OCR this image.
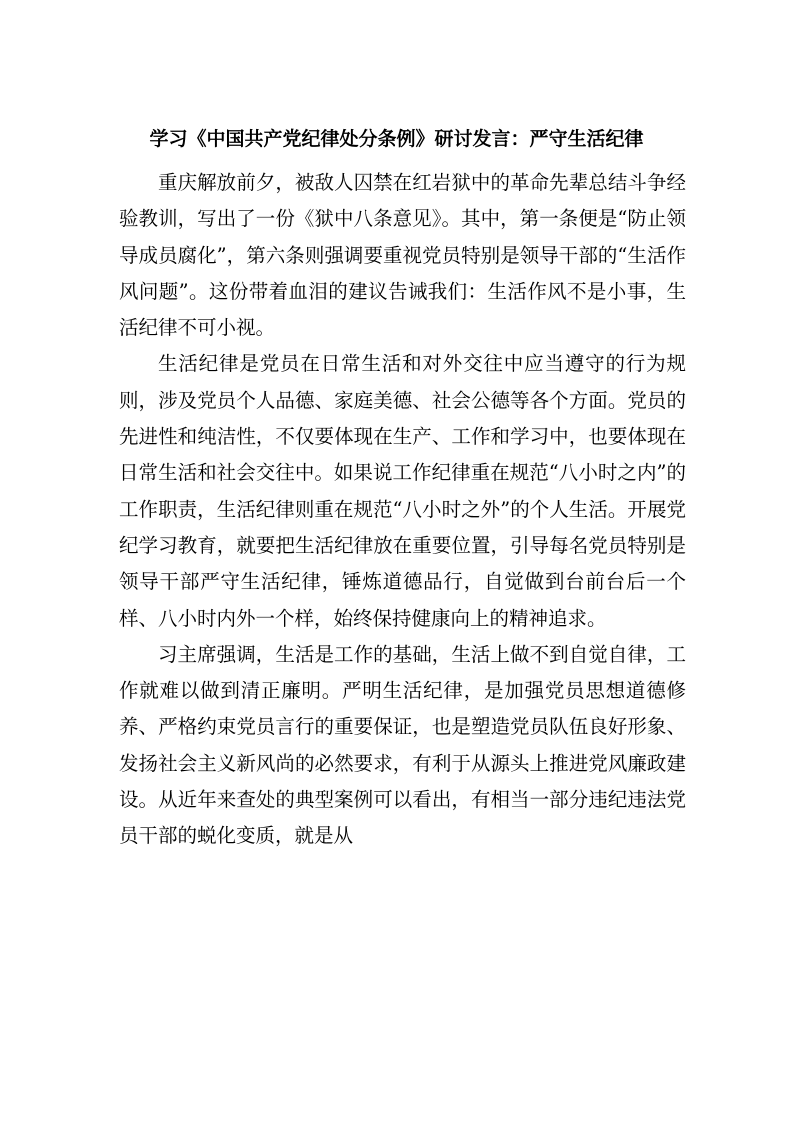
学习《中国共产党纪律处分条例》研讨发言：严守生活纪律

重庆解放前夕，被敌人囚禁在红岩狱中的革命先辈总结斗争经验教训，写出了一份《狱中八条意见》。其中，第一条便是“防止领导成员腐化”，第六条则强调要重视党员特别是领导干部的“生活作风问题”。这份带着血泪的建议告诫我们：生活作风不是小事，生活纪律不可小视。

生活纪律是党员在日常生活和对外交往中应当遵守的行为规则，涉及党员个人品德、家庭美德、社会公德等各个方面。党员的先进性和纯洁性，不仅要体现在生产、工作和学习中，也要体现在日常生活和社会交往中。如果说工作纪律重在规范“八小时之内”的工作职责，生活纪律则重在规范“八小时之外”的个人生活。开展党纪学习教育，就要把生活纪律放在重要位置，引导每名党员特别是领导干部严守生活纪律，锤炼道德品行，自觉做到台前台后一个样、八小时内外一个样，始终保持健康向上的精神追求。

习主席强调，生活是工作的基础，生活上做不到自觉自律，工作就难以做到清正廉明。严明生活纪律，是加强党员思想道德修养、严格约束党员言行的重要保证，也是塑造党员队伍良好形象、发扬社会主义新风尚的必然要求，有利于从源头上推进党风廉政建设。从近年来查处的典型案例可以看出，有相当一部分违纪违法党员干部的蜕化变质，就是从
